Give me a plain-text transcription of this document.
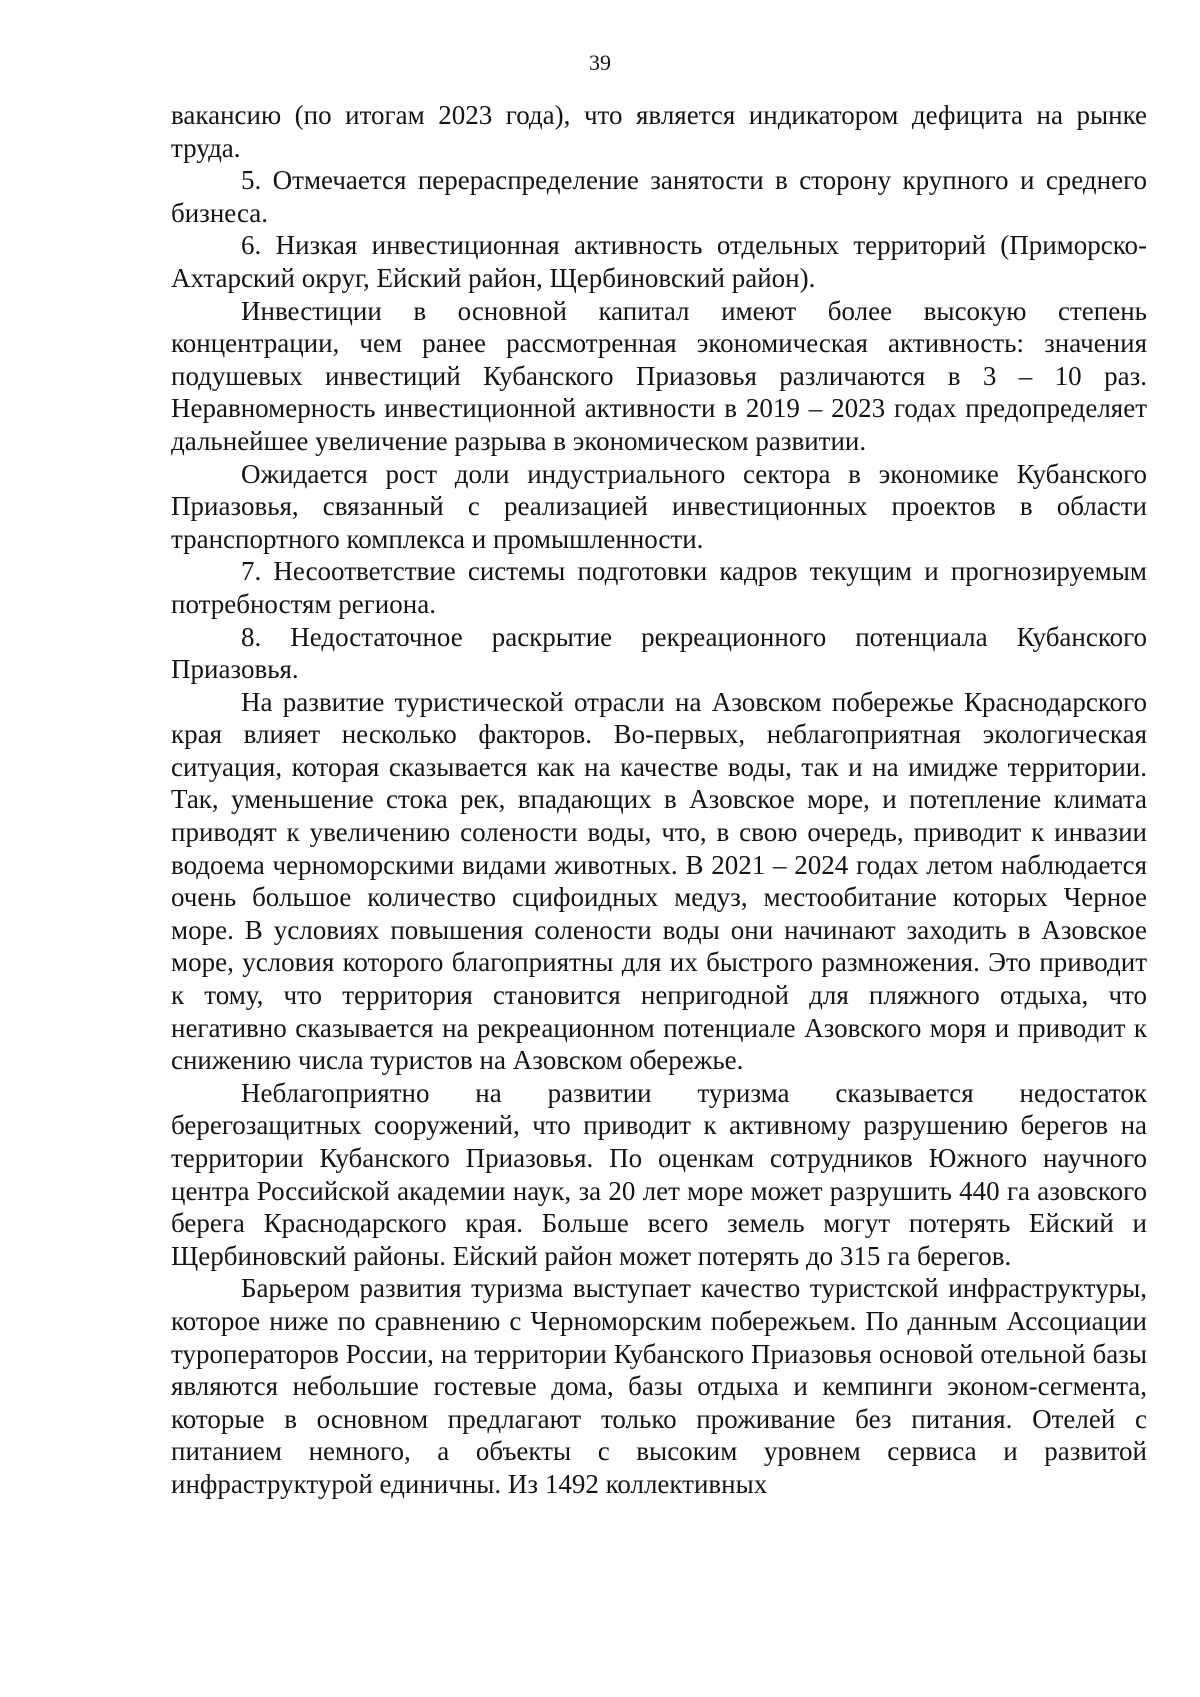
39

вакансию (по итогам 2023 года), что является индикатором дефицита на рынке труда.

5. Отмечается перераспределение занятости в сторону крупного и среднего бизнеса.

6. Низкая инвестиционная активность отдельных территорий (Приморско-Ахтарский округ, Ейский район, Щербиновский район).

Инвестиции в основной капитал имеют более высокую степень концентрации, чем ранее рассмотренная экономическая активность: значения подушевых инвестиций Кубанского Приазовья различаются в 3 – 10 раз. Неравномерность инвестиционной активности в 2019 – 2023 годах предопределяет дальнейшее увеличение разрыва в экономическом развитии.

Ожидается рост доли индустриального сектора в экономике Кубанского Приазовья, связанный с реализацией инвестиционных проектов в области транспортного комплекса и промышленности.

7. Несоответствие системы подготовки кадров текущим и прогнозируемым потребностям региона.

8. Недостаточное раскрытие рекреационного потенциала Кубанского Приазовья.

На развитие туристической отрасли на Азовском побережье Краснодарского края влияет несколько факторов. Во-первых, неблагоприятная экологическая ситуация, которая сказывается как на качестве воды, так и на имидже территории. Так, уменьшение стока рек, впадающих в Азовское море, и потепление климата приводят к увеличению солености воды, что, в свою очередь, приводит к инвазии водоема черноморскими видами животных. В 2021 – 2024 годах летом наблюдается очень большое количество сцифоидных медуз, местообитание которых Черное море. В условиях повышения солености воды они начинают заходить в Азовское море, условия которого благоприятны для их быстрого размножения. Это приводит к тому, что территория становится непригодной для пляжного отдыха, что негативно сказывается на рекреационном потенциале Азовского моря и приводит к снижению числа туристов на Азовском обережье.

Неблагоприятно на развитии туризма сказывается недостаток берегозащитных сооружений, что приводит к активному разрушению берегов на территории Кубанского Приазовья. По оценкам сотрудников Южного научного центра Российской академии наук, за 20 лет море может разрушить 440 га азовского берега Краснодарского края. Больше всего земель могут потерять Ейский и Щербиновский районы. Ейский район может потерять до 315 га берегов.

Барьером развития туризма выступает качество туристской инфраструктуры, которое ниже по сравнению с Черноморским побережьем. По данным Ассоциации туроператоров России, на территории Кубанского Приазовья основой отельной базы являются небольшие гостевые дома, базы отдыха и кемпинги эконом-сегмента, которые в основном предлагают только проживание без питания. Отелей с питанием немного, а объекты с высоким уровнем сервиса и развитой инфраструктурой единичны. Из 1492 коллективных
